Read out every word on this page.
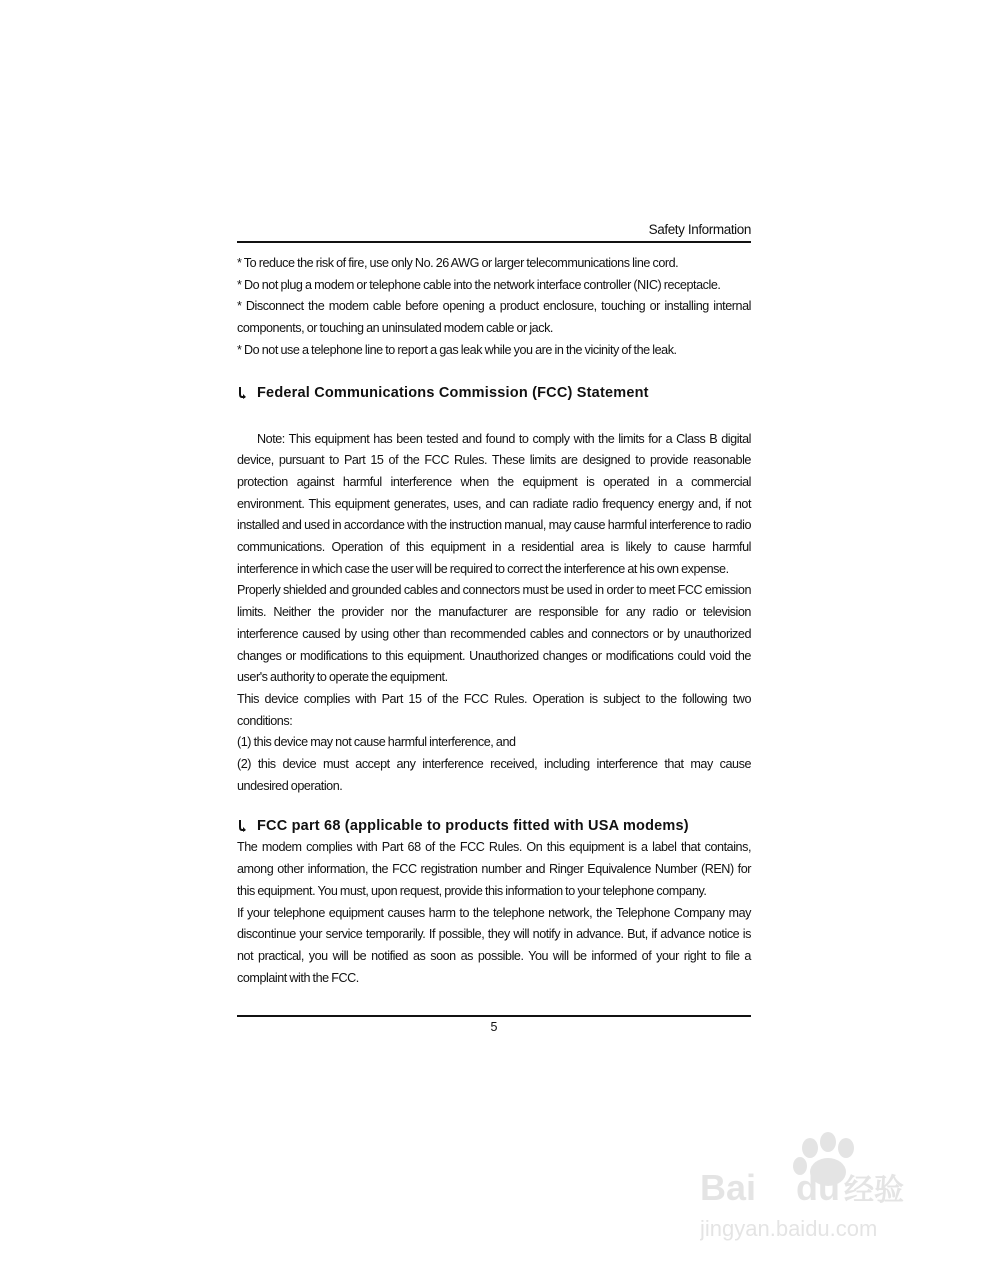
Safety Information

* To reduce the risk of fire, use only No. 26 AWG or larger telecommunications line cord.

* Do not plug a modem or telephone cable into the network interface controller (NIC) receptacle.

* Disconnect the modem cable before opening a product enclosure, touching or installing internal components, or touching an uninsulated modem cable or jack.

* Do not use a telephone line to report a gas leak while you are in the vicinity of the leak.

Federal Communications Commission (FCC) Statement

Note: This equipment has been tested and found to comply with the limits for a Class B digital device, pursuant to Part 15 of the FCC Rules. These limits are designed to provide reasonable protection against harmful interference when the equipment is operated in a commercial environment. This equipment generates, uses, and can radiate radio frequency energy and, if not installed and used in accordance with the instruction manual, may cause harmful interference to radio communications. Operation of this equipment in a residential area is likely to cause harmful interference in which case the user will be required to correct the interference at his own expense.

Properly shielded and grounded cables and connectors must be used in order to meet FCC emission limits. Neither the provider nor the manufacturer are responsible for any radio or television interference caused by using other than recommended cables and connectors or by unauthorized changes or modifications to this equipment. Unauthorized changes or modifications could void the user's authority to operate the equipment.

This device complies with Part 15 of the FCC Rules. Operation is subject to the following two conditions:

(1) this device may not cause harmful interference, and

(2) this device must accept any interference received, including interference that may cause undesired operation.

FCC part 68 (applicable to products fitted with USA modems)

The modem complies with Part 68 of the FCC Rules. On this equipment is a label that contains, among other information, the FCC registration number and Ringer Equivalence Number (REN) for this equipment. You must, upon request, provide this information to your telephone company.

If your telephone equipment causes harm to the telephone network, the Telephone Company may discontinue your service temporarily. If possible, they will notify in advance. But, if advance notice is not practical, you will be notified as soon as possible. You will be informed of your right to file a complaint with the FCC.

5
Bai du 经验
jingyan.baidu.com
